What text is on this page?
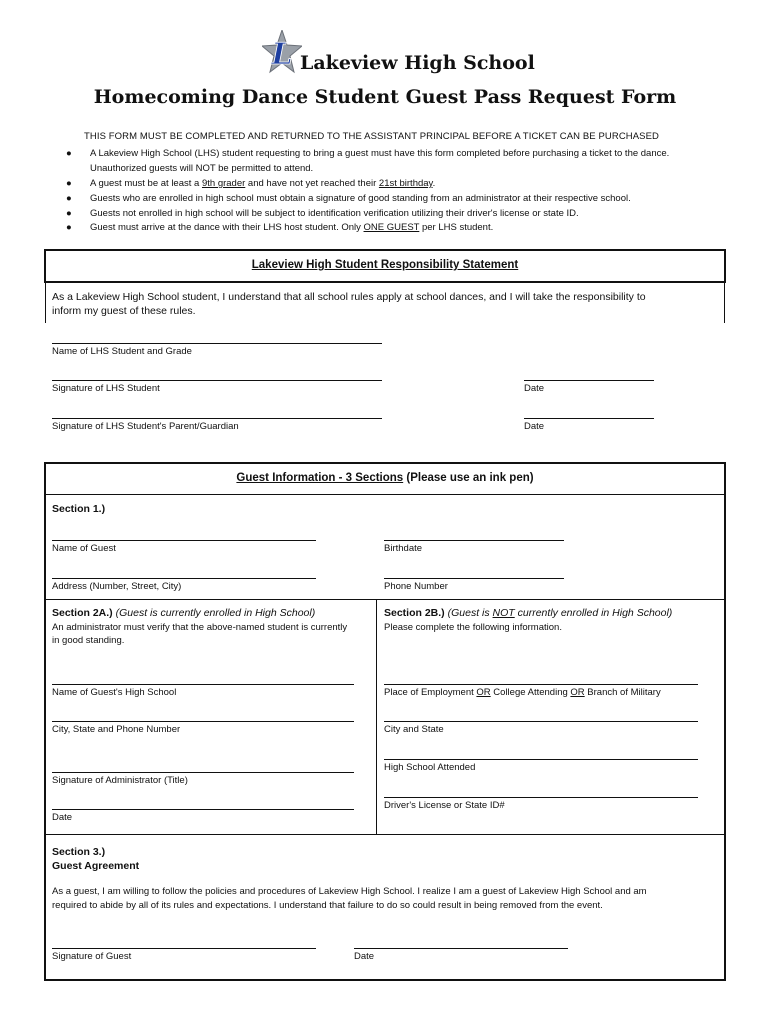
L Lakeview High School
Homecoming Dance Student Guest Pass Request Form
THIS FORM MUST BE COMPLETED AND RETURNED TO THE ASSISTANT PRINCIPAL BEFORE A TICKET CAN BE PURCHASED
● A Lakeview High School (LHS) student requesting to bring a guest must have this form completed before purchasing a ticket to the dance.
Unauthorized guests will NOT be permitted to attend.
● A guest must be at least a 9th grader and have not yet reached their 21st birthday.
● Guests who are enrolled in high school must obtain a signature of good standing from an administrator at their respective school.
● Guests not enrolled in high school will be subject to identification verification utilizing their driver's license or state ID.
● Guest must arrive at the dance with their LHS host student. Only ONE GUEST per LHS student.
Lakeview High Student Responsibility Statement
As a Lakeview High School student, I understand that all school rules apply at school dances, and I will take the responsibility to
inform my guest of these rules.
Name of LHS Student and Grade
Signature of LHS Student	Date
Signature of LHS Student's Parent/Guardian	Date
Guest Information - 3 Sections (Please use an ink pen)
Section 1.)
Name of Guest	Birthdate
Address (Number, Street, City)	Phone Number
Section 2A.) (Guest is currently enrolled in High School)
An administrator must verify that the above-named student is currently
in good standing.
Name of Guest's High School
City, State and Phone Number
Signature of Administrator (Title)
Date
Section 2B.) (Guest is NOT currently enrolled in High School)
Please complete the following information.
Place of Employment OR College Attending OR Branch of Military
City and State
High School Attended
Driver's License or State ID#
Section 3.)
Guest Agreement
As a guest, I am willing to follow the policies and procedures of Lakeview High School. I realize I am a guest of Lakeview High School and am
required to abide by all of its rules and expectations. I understand that failure to do so could result in being removed from the event.
Signature of Guest	Date
